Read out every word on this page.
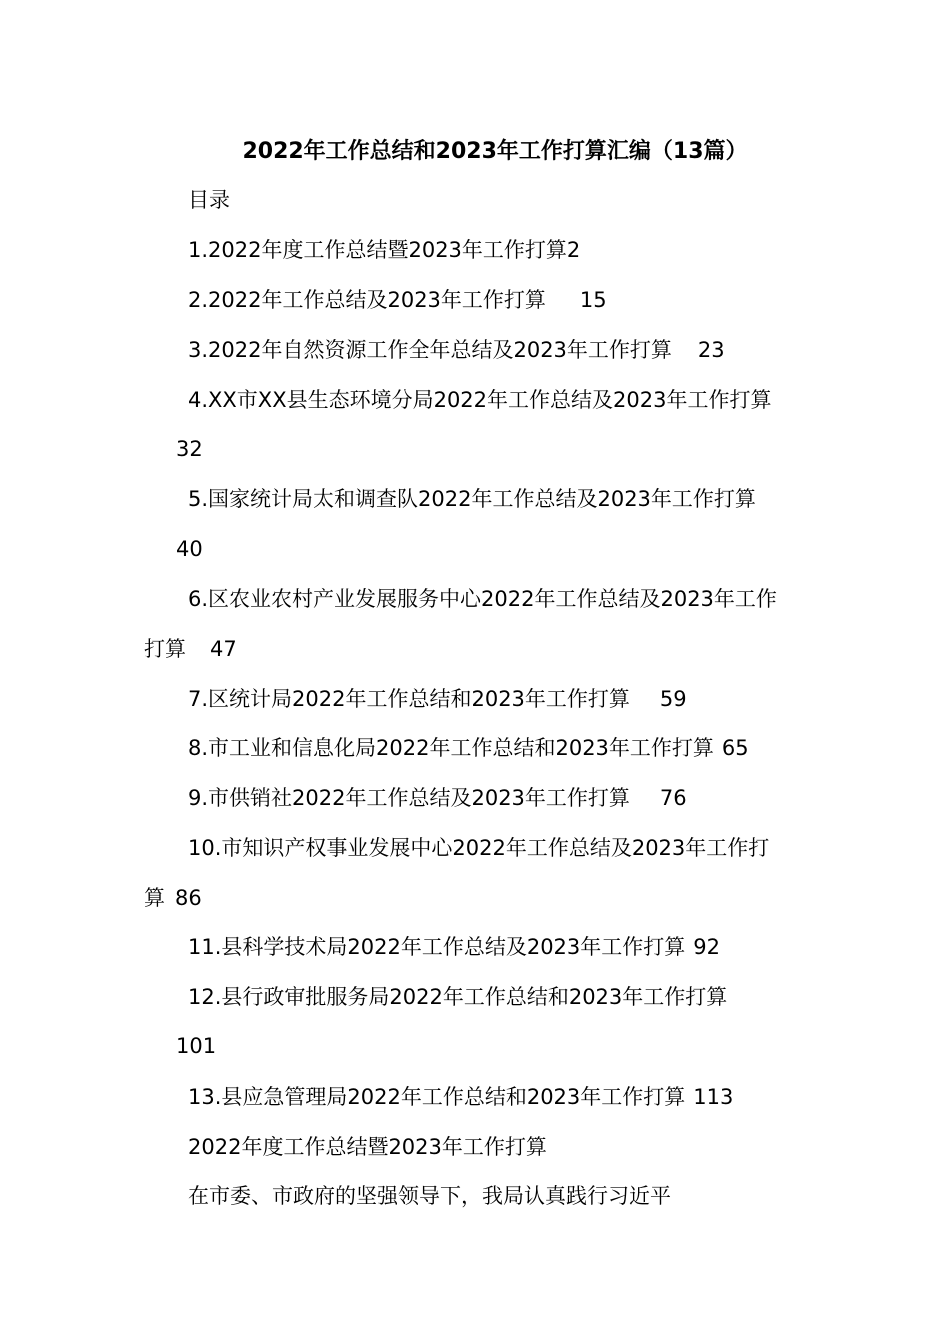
2022年工作总结和2023年工作打算汇编（13篇）
目录
1.2022年度工作总结暨2023年工作打算2
2.2022年工作总结及2023年工作打算 15
3.2022年自然资源工作全年总结及2023年工作打算 23
4.XX市XX县生态环境分局2022年工作总结及2023年工作打算
32
5.国家统计局太和调查队2022年工作总结及2023年工作打算
40
6.区农业农村产业发展服务中心2022年工作总结及2023年工作
打算 47
7.区统计局2022年工作总结和2023年工作打算 59
8.市工业和信息化局2022年工作总结和2023年工作打算 65
9.市供销社2022年工作总结及2023年工作打算 76
10.市知识产权事业发展中心2022年工作总结及2023年工作打
算 86
11.县科学技术局2022年工作总结及2023年工作打算 92
12.县行政审批服务局2022年工作总结和2023年工作打算
101
13.县应急管理局2022年工作总结和2023年工作打算 113
2022年度工作总结暨2023年工作打算
在市委、市政府的坚强领导下，我局认真践行习近平
